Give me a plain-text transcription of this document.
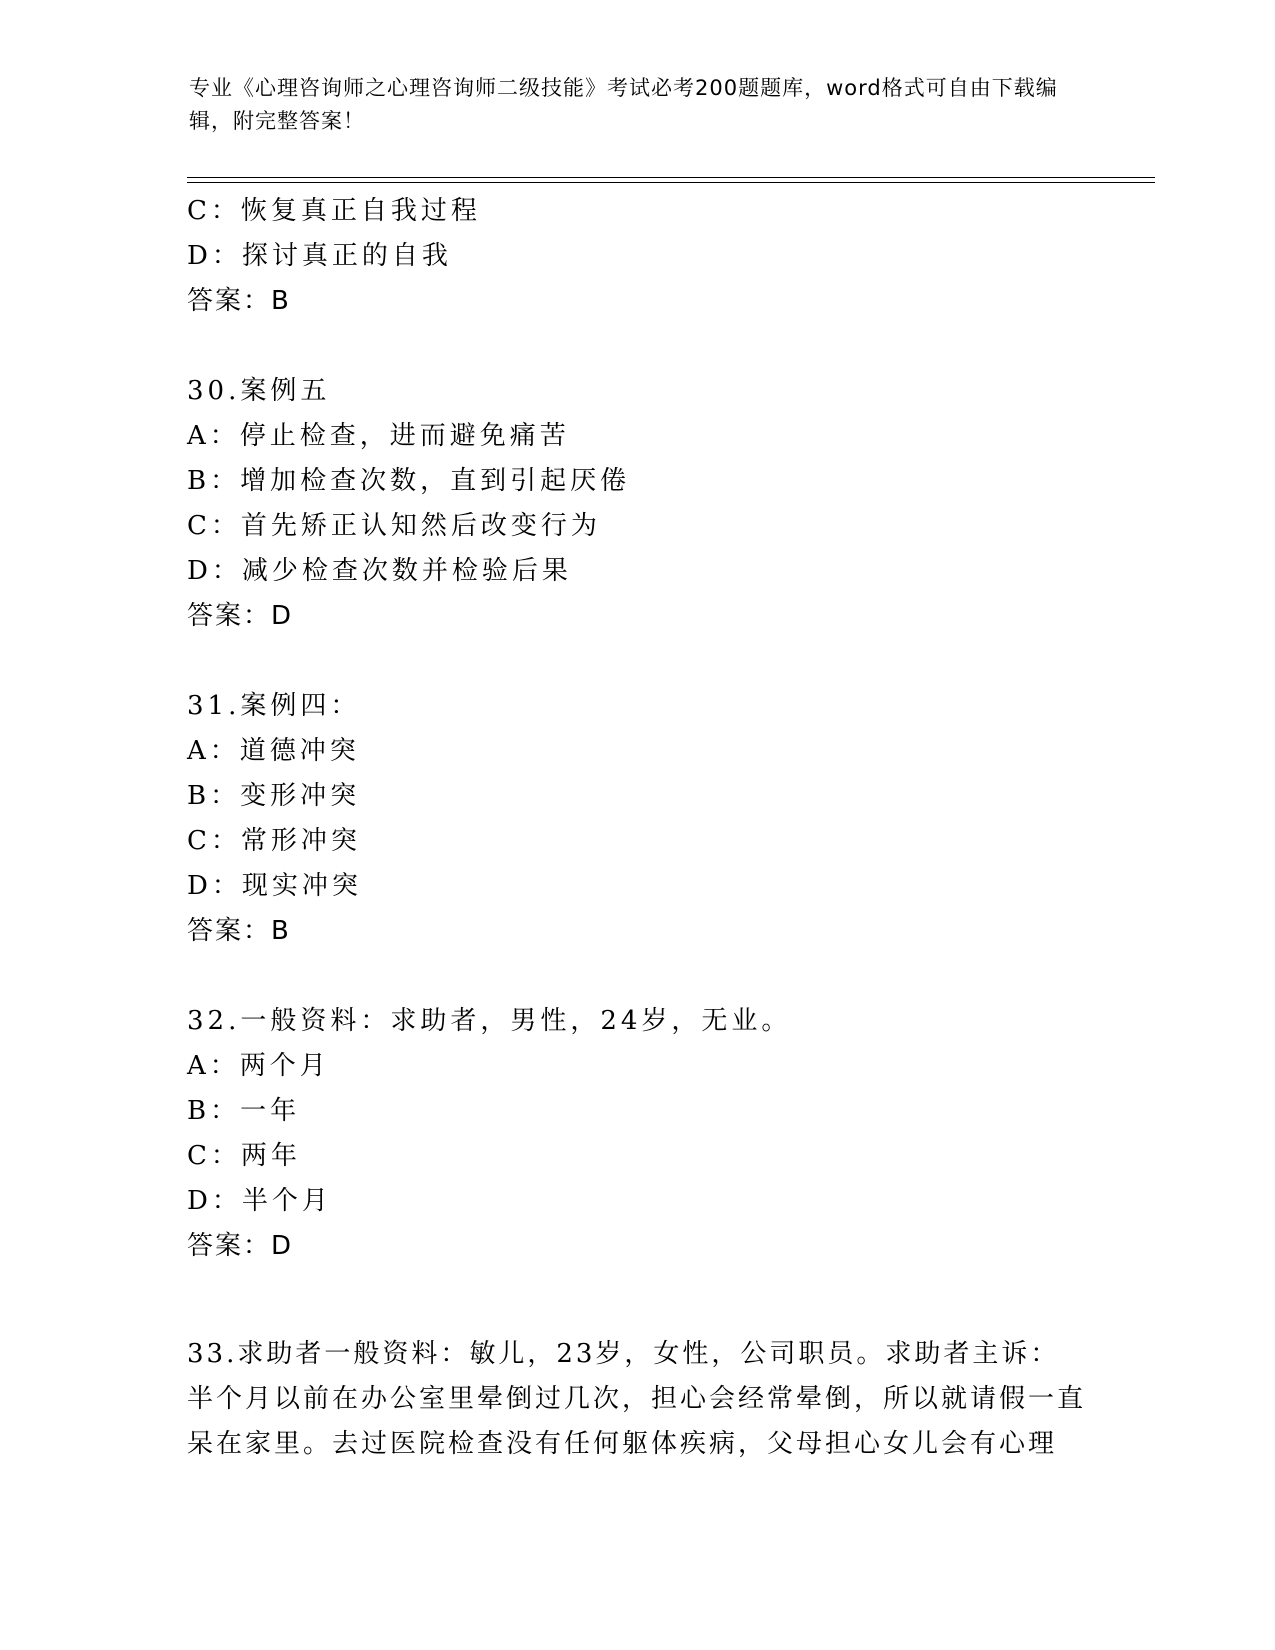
专业《心理咨询师之心理咨询师二级技能》考试必考200题题库，word格式可自由下载编辑，附完整答案！
C：恢复真正自我过程
D：探讨真正的自我
答案：B
30.案例五
A：停止检查，进而避免痛苦
B：增加检查次数，直到引起厌倦
C：首先矫正认知然后改变行为
D：减少检查次数并检验后果
答案：D
31.案例四：
A：道德冲突
B：变形冲突
C：常形冲突
D：现实冲突
答案：B
32.一般资料：求助者，男性，24岁，无业。
A：两个月
B：一年
C：两年
D：半个月
答案：D
33.求助者一般资料：敏儿，23岁，女性，公司职员。求助者主诉：半个月以前在办公室里晕倒过几次，担心会经常晕倒，所以就请假一直呆在家里。去过医院检查没有任何躯体疾病，父母担心女儿会有心理
